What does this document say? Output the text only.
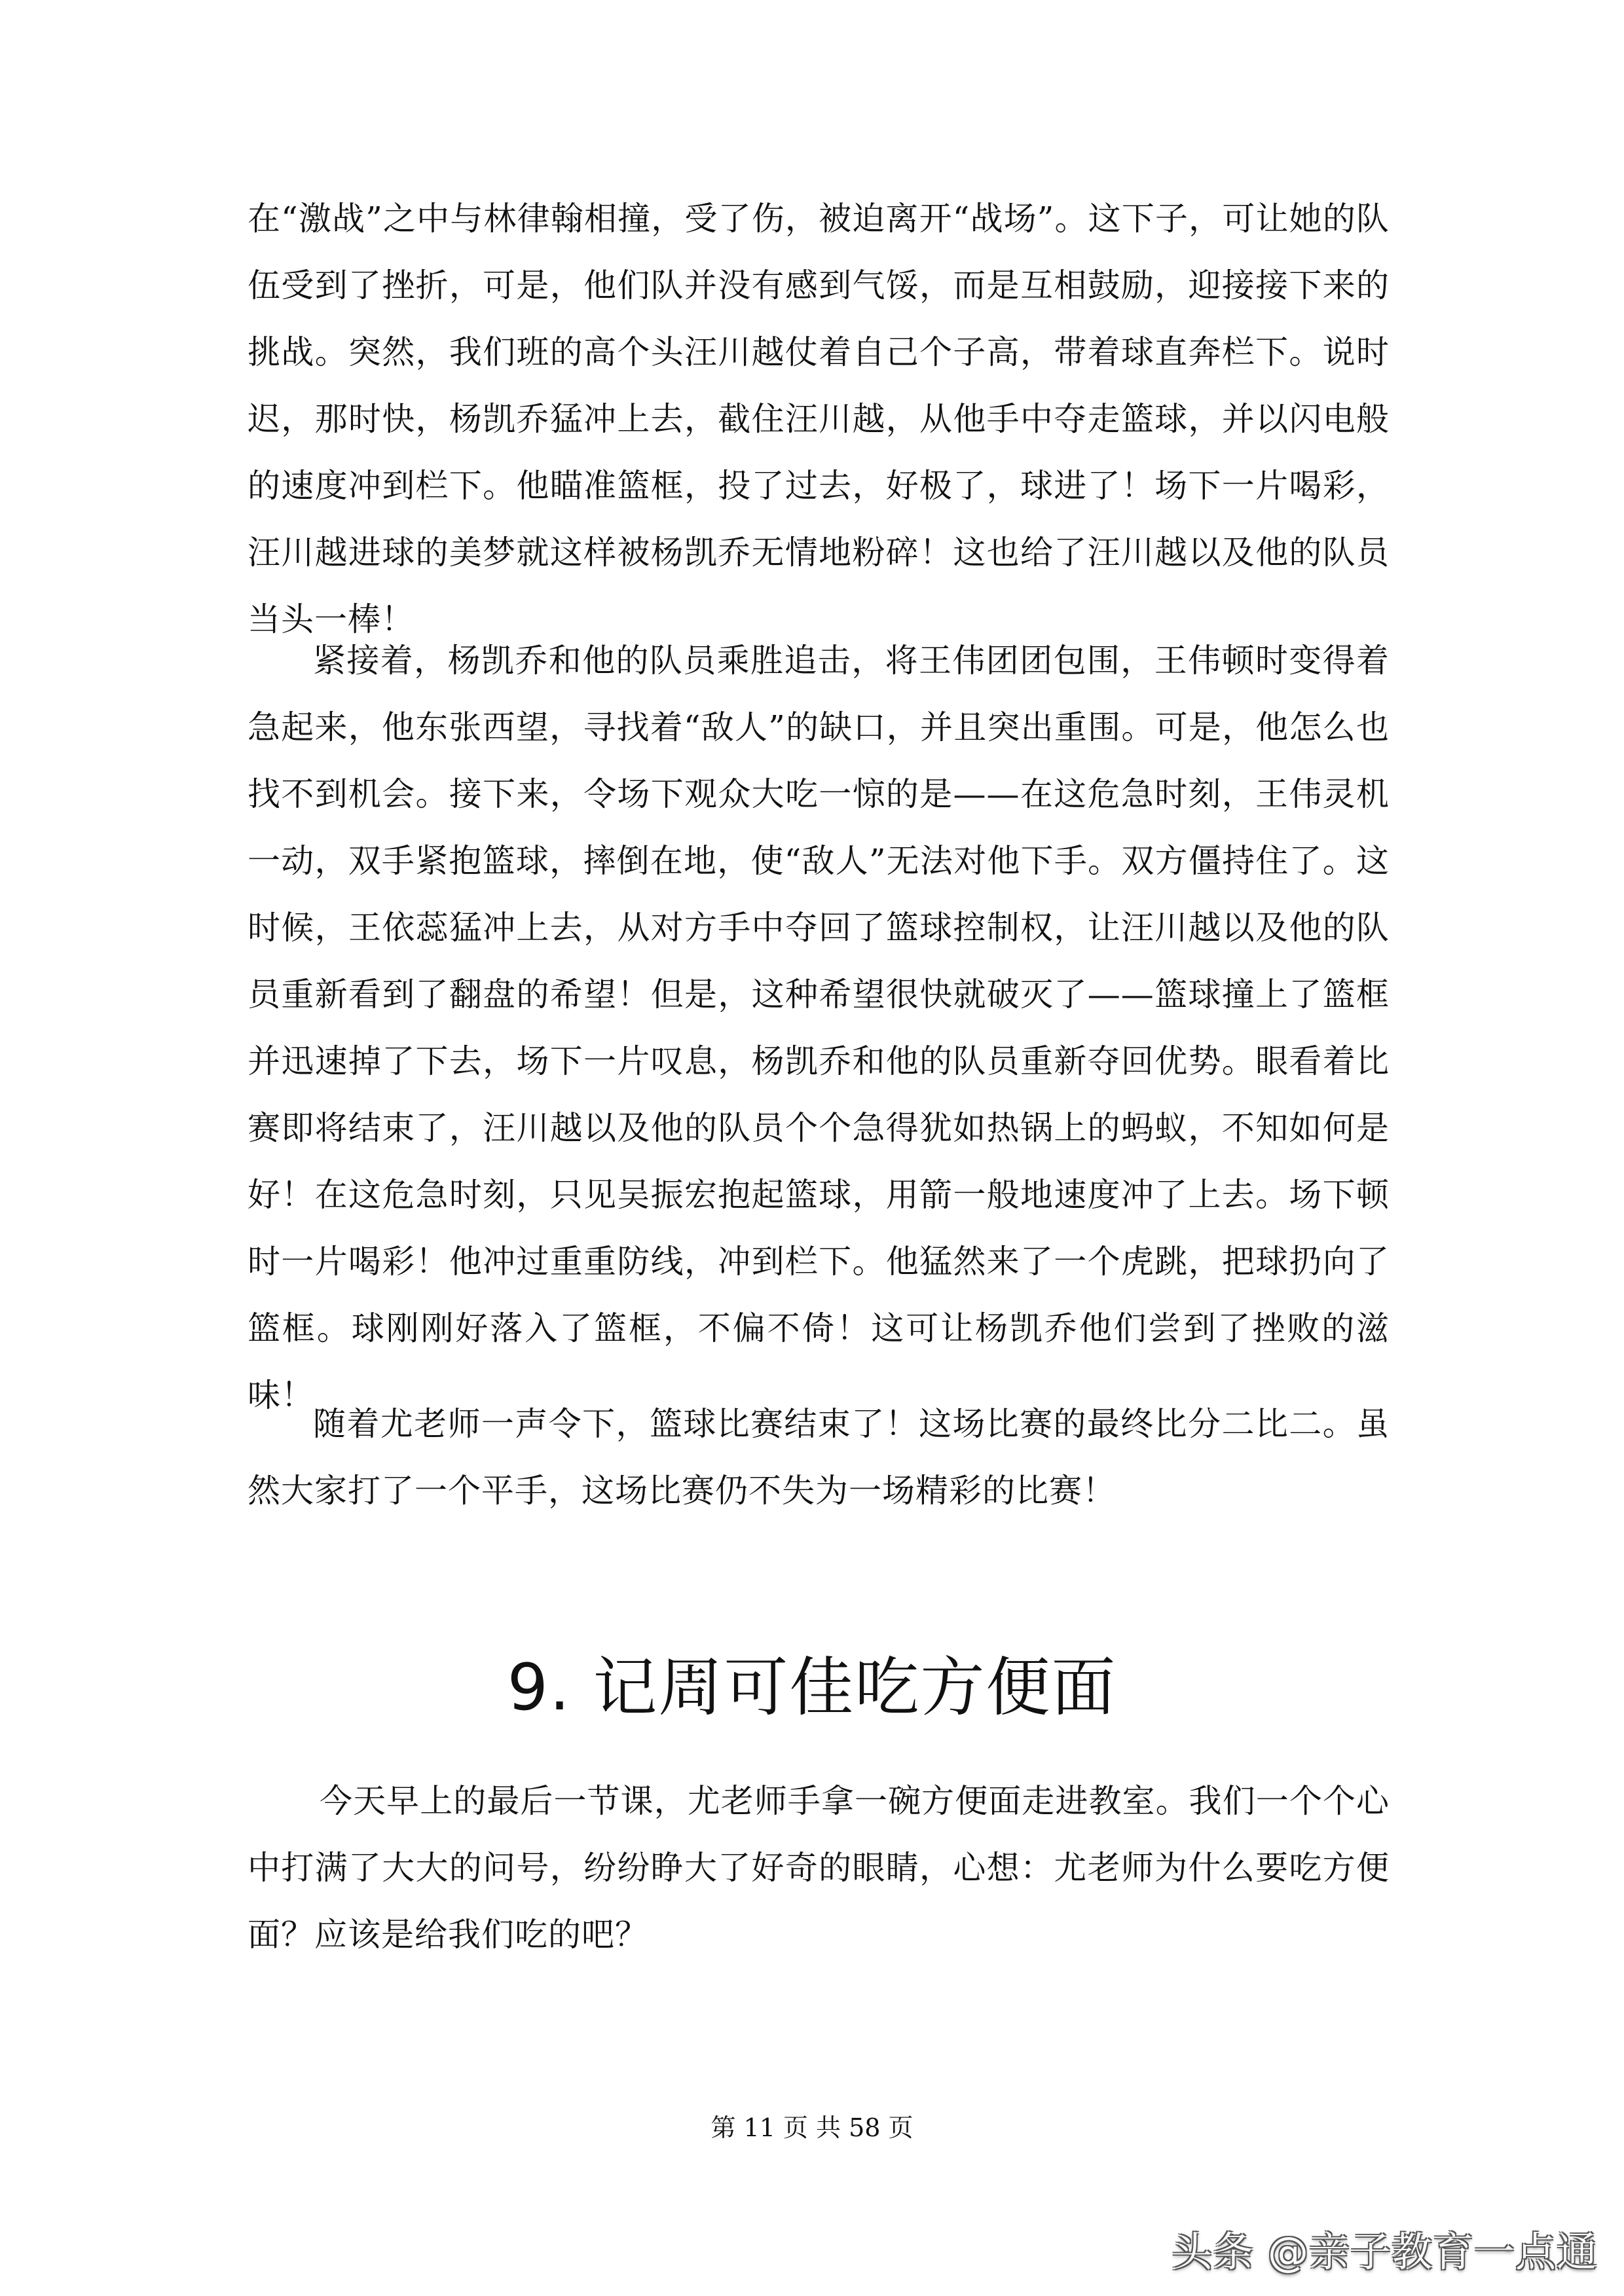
在“激战”之中与林律翰相撞，受了伤，被迫离开“战场”。这下子，可让她的队伍受到了挫折，可是，他们队并没有感到气馁，而是互相鼓励，迎接接下来的挑战。突然，我们班的高个头汪川越仗着自己个子高，带着球直奔栏下。说时迟，那时快，杨凯乔猛冲上去，截住汪川越，从他手中夺走篮球，并以闪电般的速度冲到栏下。他瞄准篮框，投了过去，好极了，球进了！场下一片喝彩，汪川越进球的美梦就这样被杨凯乔无情地粉碎！这也给了汪川越以及他的队员当头一棒！

紧接着，杨凯乔和他的队员乘胜追击，将王伟团团包围，王伟顿时变得着急起来，他东张西望，寻找着“敌人”的缺口，并且突出重围。可是，他怎么也找不到机会。接下来，令场下观众大吃一惊的是——在这危急时刻，王伟灵机一动，双手紧抱篮球，摔倒在地，使“敌人”无法对他下手。双方僵持住了。这时候，王依蕊猛冲上去，从对方手中夺回了篮球控制权，让汪川越以及他的队员重新看到了翻盘的希望！但是，这种希望很快就破灭了——篮球撞上了篮框并迅速掉了下去，场下一片叹息，杨凯乔和他的队员重新夺回优势。眼看着比赛即将结束了，汪川越以及他的队员个个急得犹如热锅上的蚂蚁，不知如何是好！在这危急时刻，只见吴振宏抱起篮球，用箭一般地速度冲了上去。场下顿时一片喝彩！他冲过重重防线，冲到栏下。他猛然来了一个虎跳，把球扔向了篮框。球刚刚好落入了篮框，不偏不倚！这可让杨凯乔他们尝到了挫败的滋味！

随着尤老师一声令下，篮球比赛结束了！这场比赛的最终比分二比二。虽然大家打了一个平手，这场比赛仍不失为一场精彩的比赛！

9. 记周可佳吃方便面

今天早上的最后一节课，尤老师手拿一碗方便面走进教室。我们一个个心中打满了大大的问号，纷纷睁大了好奇的眼睛，心想：尤老师为什么要吃方便面？应该是给我们吃的吧？

第 11 页 共 58 页
头条 @亲子教育一点通
